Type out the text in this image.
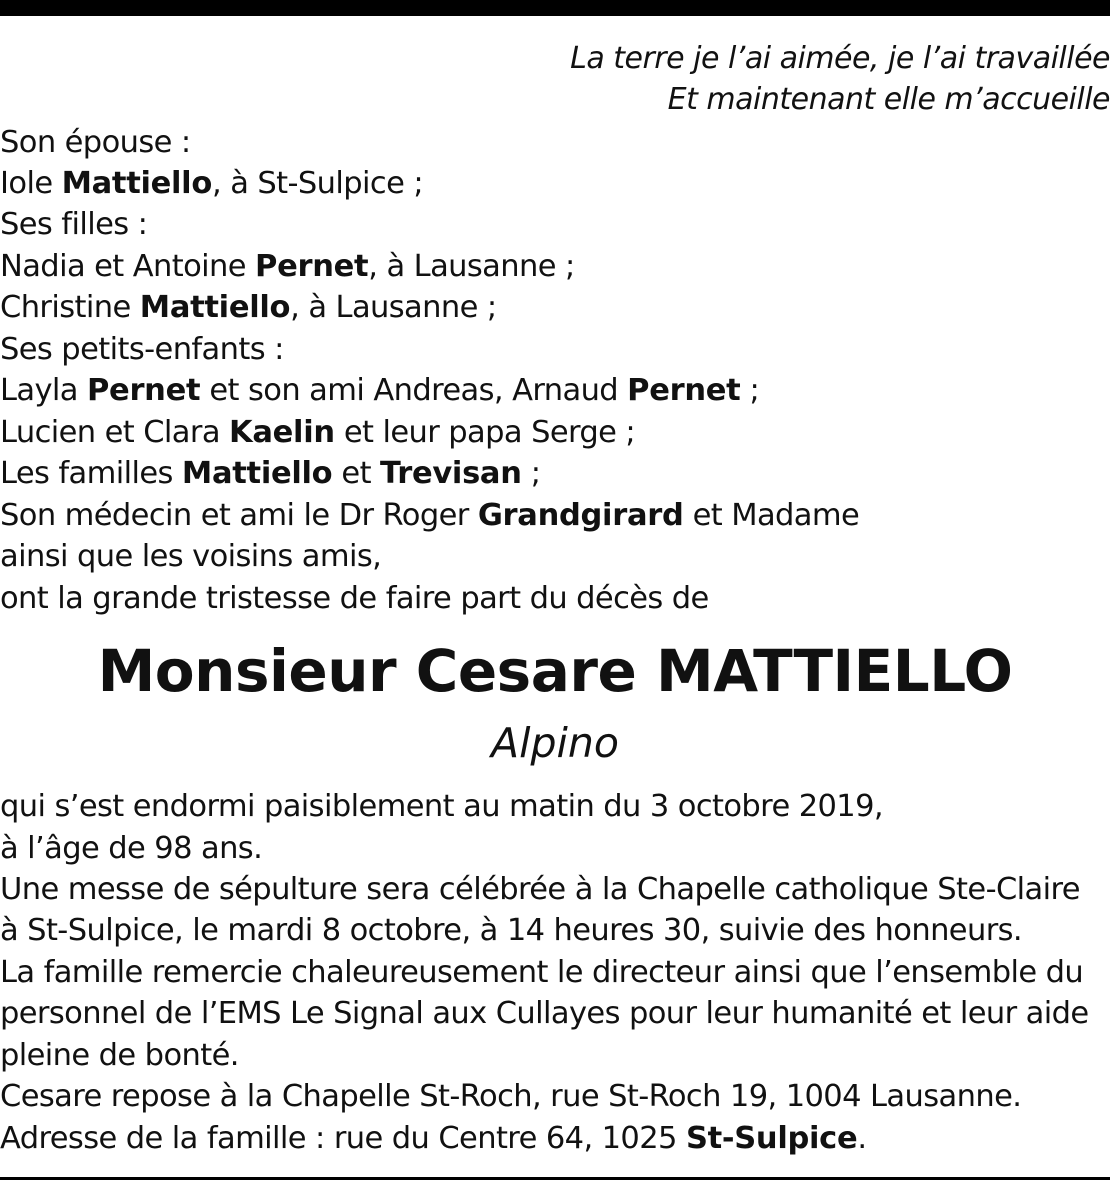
La terre je l’ai aimée, je l’ai travaillée
Et maintenant elle m’accueille
Son épouse :
Iole Mattiello, à St-Sulpice ;
Ses filles :
Nadia et Antoine Pernet, à Lausanne ;
Christine Mattiello, à Lausanne ;
Ses petits-enfants :
Layla Pernet et son ami Andreas, Arnaud Pernet ;
Lucien et Clara Kaelin et leur papa Serge ;
Les familles Mattiello et Trevisan ;
Son médecin et ami le Dr Roger Grandgirard et Madame
ainsi que les voisins amis,
ont la grande tristesse de faire part du décès de
Monsieur Cesare MATTIELLO
Alpino
qui s’est endormi paisiblement au matin du 3 octobre 2019,
à l’âge de 98 ans.
Une messe de sépulture sera célébrée à la Chapelle catholique Ste-Claire
à St-Sulpice, le mardi 8 octobre, à 14 heures 30, suivie des honneurs.
La famille remercie chaleureusement le directeur ainsi que l’ensemble du
personnel de l’EMS Le Signal aux Cullayes pour leur humanité et leur aide
pleine de bonté.
Cesare repose à la Chapelle St-Roch, rue St-Roch 19, 1004 Lausanne.
Adresse de la famille : rue du Centre 64, 1025 St-Sulpice.
